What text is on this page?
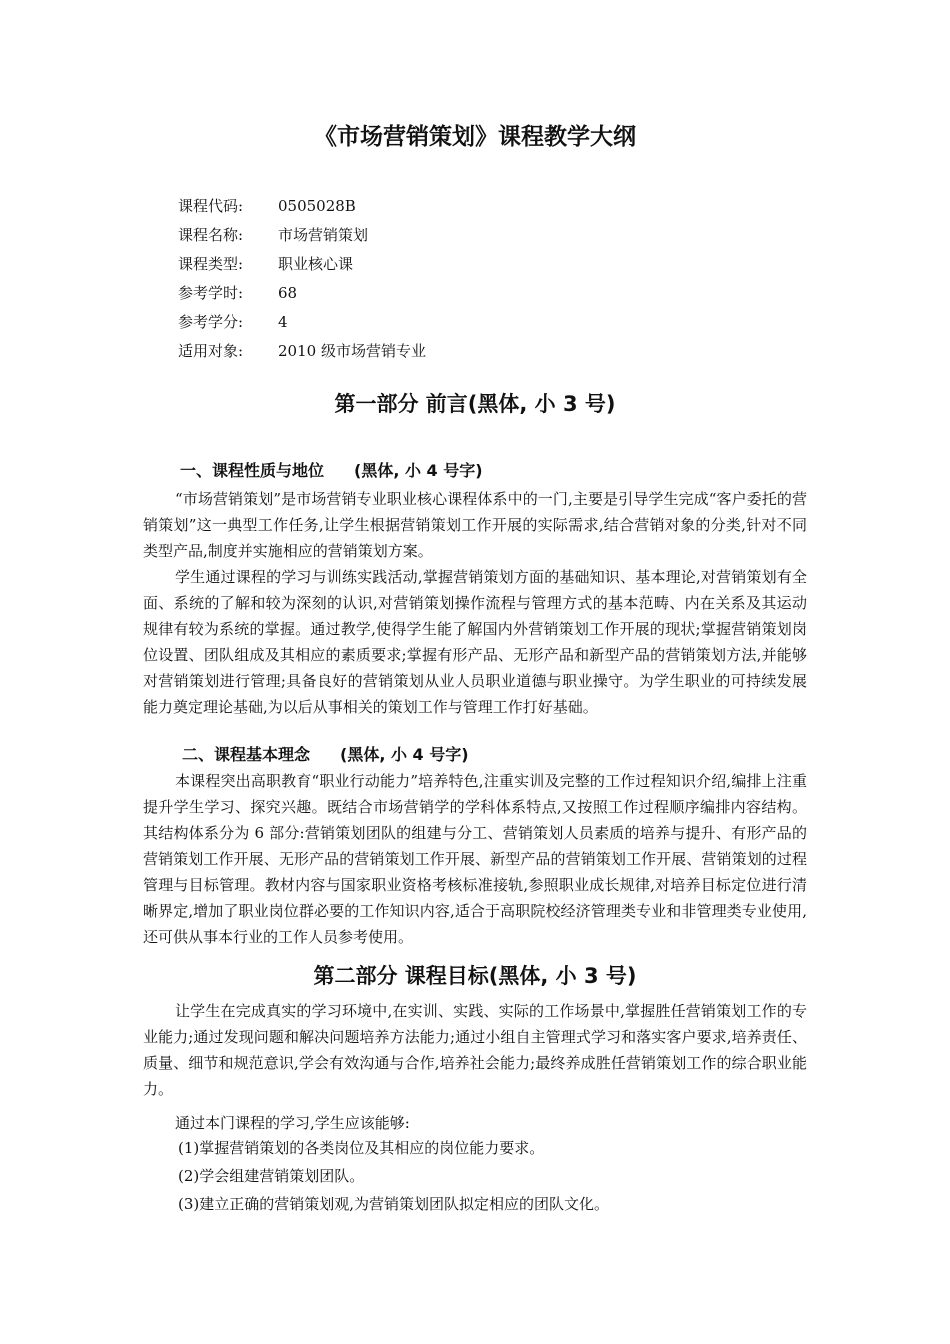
《市场营销策划》课程教学大纲
课程代码:	0505028B
课程名称:	市场营销策划
课程类型:	职业核心课
参考学时:	68
参考学分:	4
适用对象:	2010 级市场营销专业
第一部分 前言(黑体, 小 3 号)
一、课程性质与地位 (黑体, 小 4 号字)

“市场营销策划”是市场营销专业职业核心课程体系中的一门,主要是引导学生完成“客户委托的营销策划”这一典型工作任务,让学生根据营销策划工作开展的实际需求,结合营销对象的分类,针对不同类型产品,制度并实施相应的营销策划方案。

学生通过课程的学习与训练实践活动,掌握营销策划方面的基础知识、基本理论,对营销策划有全面、系统的了解和较为深刻的认识,对营销策划操作流程与管理方式的基本范畴、内在关系及其运动规律有较为系统的掌握。通过教学,使得学生能了解国内外营销策划工作开展的现状;掌握营销策划岗位设置、团队组成及其相应的素质要求;掌握有形产品、无形产品和新型产品的营销策划方法,并能够对营销策划进行管理;具备良好的营销策划从业人员职业道德与职业操守。为学生职业的可持续发展能力奠定理论基础,为以后从事相关的策划工作与管理工作打好基础。

二、课程基本理念 (黑体, 小 4 号字)

本课程突出高职教育“职业行动能力”培养特色,注重实训及完整的工作过程知识介绍,编排上注重提升学生学习、探究兴趣。既结合市场营销学的学科体系特点,又按照工作过程顺序编排内容结构。其结构体系分为 6 部分:营销策划团队的组建与分工、营销策划人员素质的培养与提升、有形产品的营销策划工作开展、无形产品的营销策划工作开展、新型产品的营销策划工作开展、营销策划的过程管理与目标管理。教材内容与国家职业资格考核标准接轨,参照职业成长规律,对培养目标定位进行清晰界定,增加了职业岗位群必要的工作知识内容,适合于高职院校经济管理类专业和非管理类专业使用,还可供从事本行业的工作人员参考使用。

第二部分 课程目标(黑体, 小 3 号)

让学生在完成真实的学习环境中,在实训、实践、实际的工作场景中,掌握胜任营销策划工作的专业能力;通过发现问题和解决问题培养方法能力;通过小组自主管理式学习和落实客户要求,培养责任、质量、细节和规范意识,学会有效沟通与合作,培养社会能力;最终养成胜任营销策划工作的综合职业能力。

通过本门课程的学习,学生应该能够:

(1)掌握营销策划的各类岗位及其相应的岗位能力要求。
(2)学会组建营销策划团队。
(3)建立正确的营销策划观,为营销策划团队拟定相应的团队文化。
